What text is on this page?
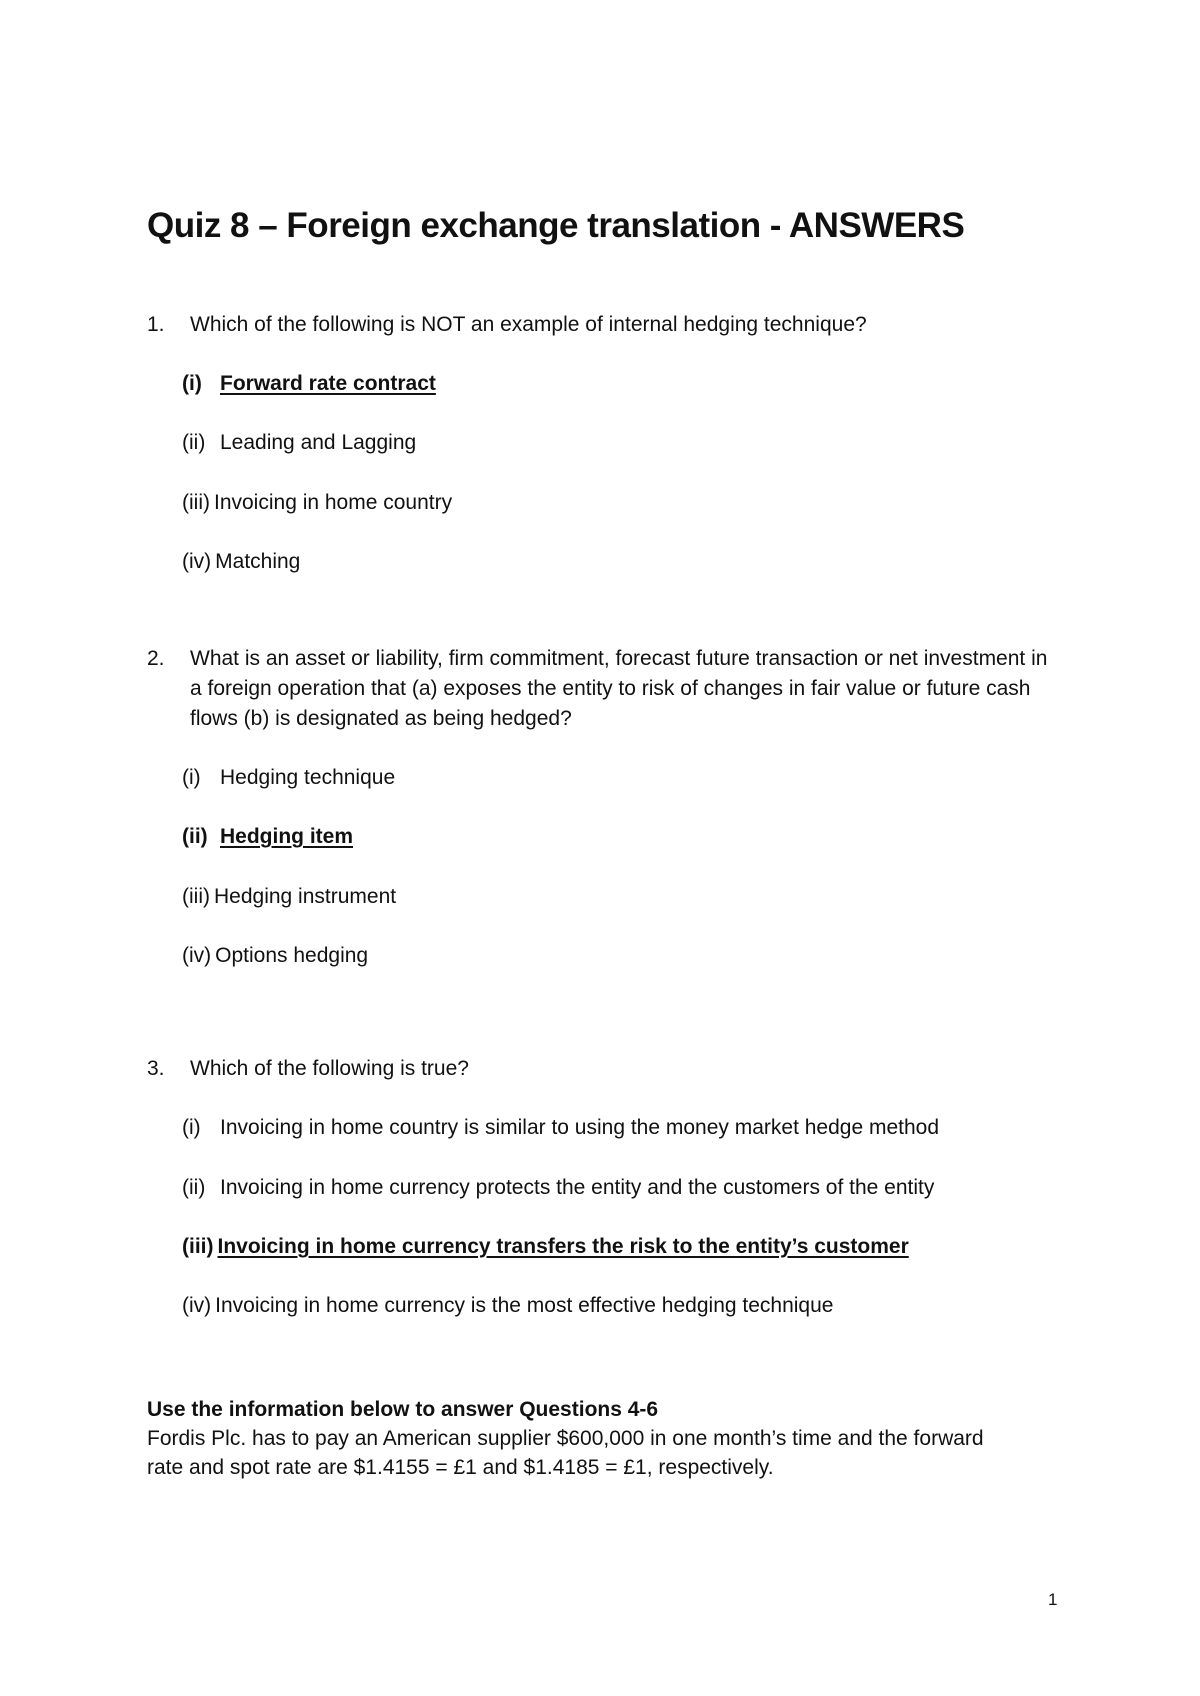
Quiz 8 – Foreign exchange translation - ANSWERS
1. Which of the following is NOT an example of internal hedging technique?
(i) Forward rate contract
(ii) Leading and Lagging
(iii) Invoicing in home country
(iv) Matching
2. What is an asset or liability, firm commitment, forecast future transaction or net investment in a foreign operation that (a) exposes the entity to risk of changes in fair value or future cash flows (b) is designated as being hedged?
(i) Hedging technique
(ii) Hedging item
(iii) Hedging instrument
(iv) Options hedging
3. Which of the following is true?
(i) Invoicing in home country is similar to using the money market hedge method
(ii) Invoicing in home currency protects the entity and the customers of the entity
(iii) Invoicing in home currency transfers the risk to the entity’s customer
(iv) Invoicing in home currency is the most effective hedging technique
Use the information below to answer Questions 4-6
Fordis Plc. has to pay an American supplier $600,000 in one month’s time and the forward
rate and spot rate are $1.4155 = £1 and $1.4185 = £1, respectively.
1
